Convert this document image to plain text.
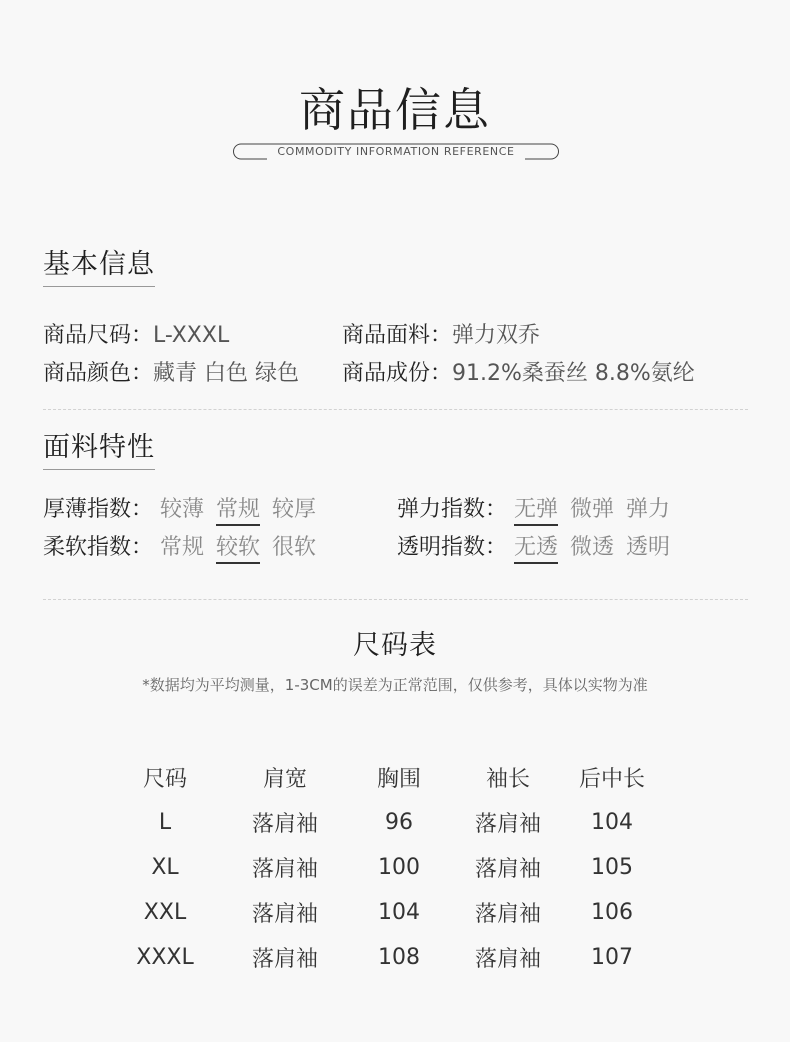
商品信息
COMMODITY INFORMATION REFERENCE
基本信息
商品尺码：L-XXXL	商品面料：弹力双乔
商品颜色：藏青 白色 绿色 商品成份：91.2%桑蚕丝 8.8%氨纶
面料特性
厚薄指数： 较薄 常规 较厚	弹力指数： 无弹 微弹 弹力
柔软指数： 常规 较软 很软	透明指数： 无透 微透 透明
尺码表
*数据均为平均测量，1-3CM的误差为正常范围，仅供参考，具体以实物为准
尺码	肩宽	胸围	袖长	后中长
L	落肩袖	96	落肩袖	104
XL	落肩袖	100	落肩袖	105
XXL	落肩袖	104	落肩袖	106
XXXL	落肩袖	108	落肩袖	107
